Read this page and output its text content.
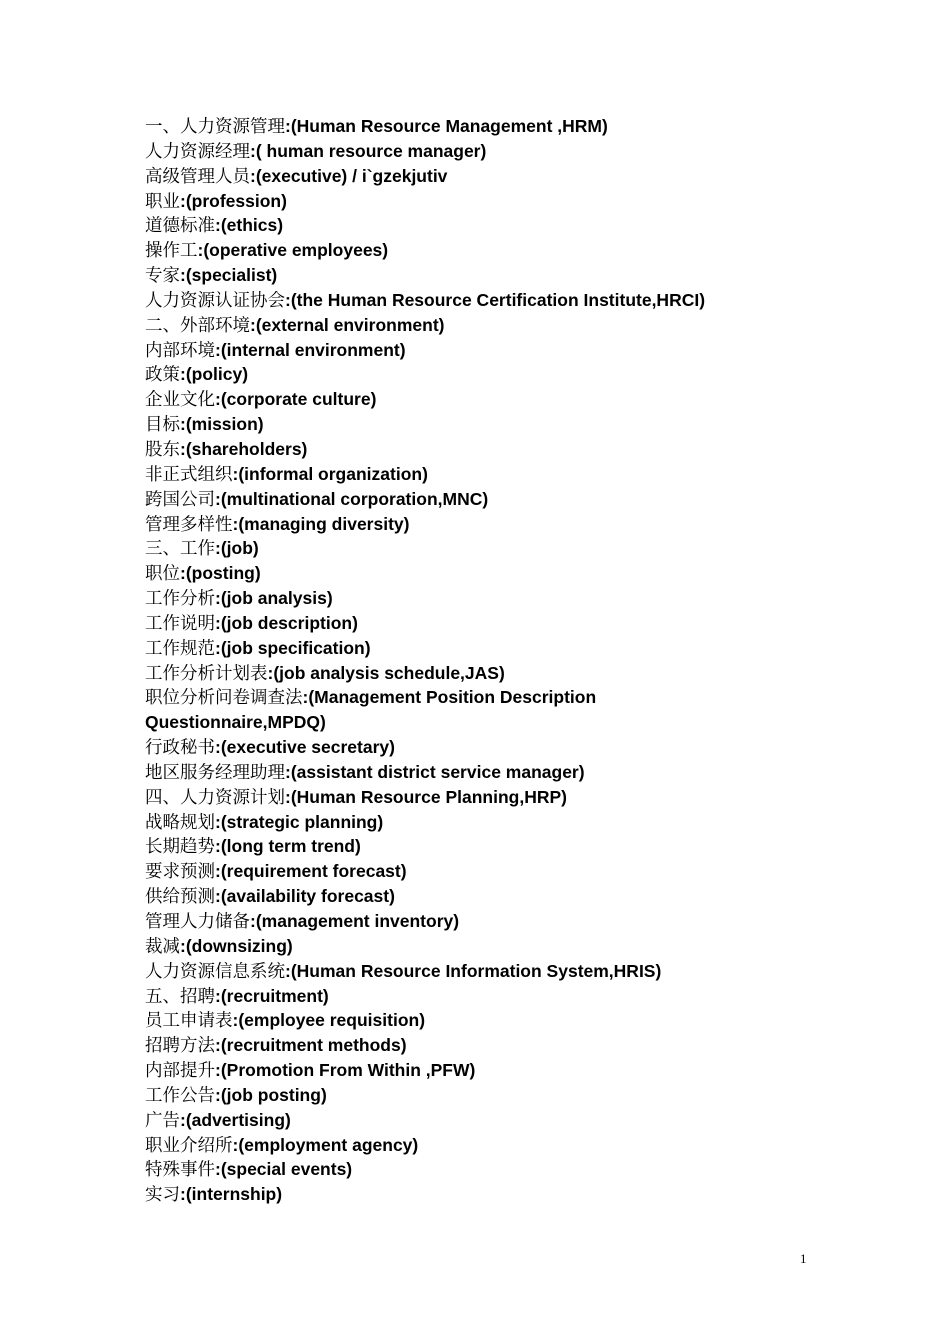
一、人力资源管理:(Human Resource Management ,HRM)
人力资源经理:( human resource manager)
高级管理人员:(executive) / i`gzekjutiv
职业:(profession)
道德标准:(ethics)
操作工:(operative employees)
专家:(specialist)
人力资源认证协会:(the Human Resource Certification Institute,HRCI)
二、外部环境:(external environment)
内部环境:(internal environment)
政策:(policy)
企业文化:(corporate culture)
目标:(mission)
股东:(shareholders)
非正式组织:(informal organization)
跨国公司:(multinational corporation,MNC)
管理多样性:(managing diversity)
三、工作:(job)
职位:(posting)
工作分析:(job analysis)
工作说明:(job description)
工作规范:(job specification)
工作分析计划表:(job analysis schedule,JAS)
职位分析问卷调查法:(Management Position Description
Questionnaire,MPDQ)
行政秘书:(executive secretary)
地区服务经理助理:(assistant district service manager)
四、人力资源计划:(Human Resource Planning,HRP)
战略规划:(strategic planning)
长期趋势:(long term trend)
要求预测:(requirement forecast)
供给预测:(availability forecast)
管理人力储备:(management inventory)
裁减:(downsizing)
人力资源信息系统:(Human Resource Information System,HRIS)
五、招聘:(recruitment)
员工申请表:(employee requisition)
招聘方法:(recruitment methods)
内部提升:(Promotion From Within ,PFW)
工作公告:(job posting)
广告:(advertising)
职业介绍所:(employment agency)
特殊事件:(special events)
实习:(internship)
1
